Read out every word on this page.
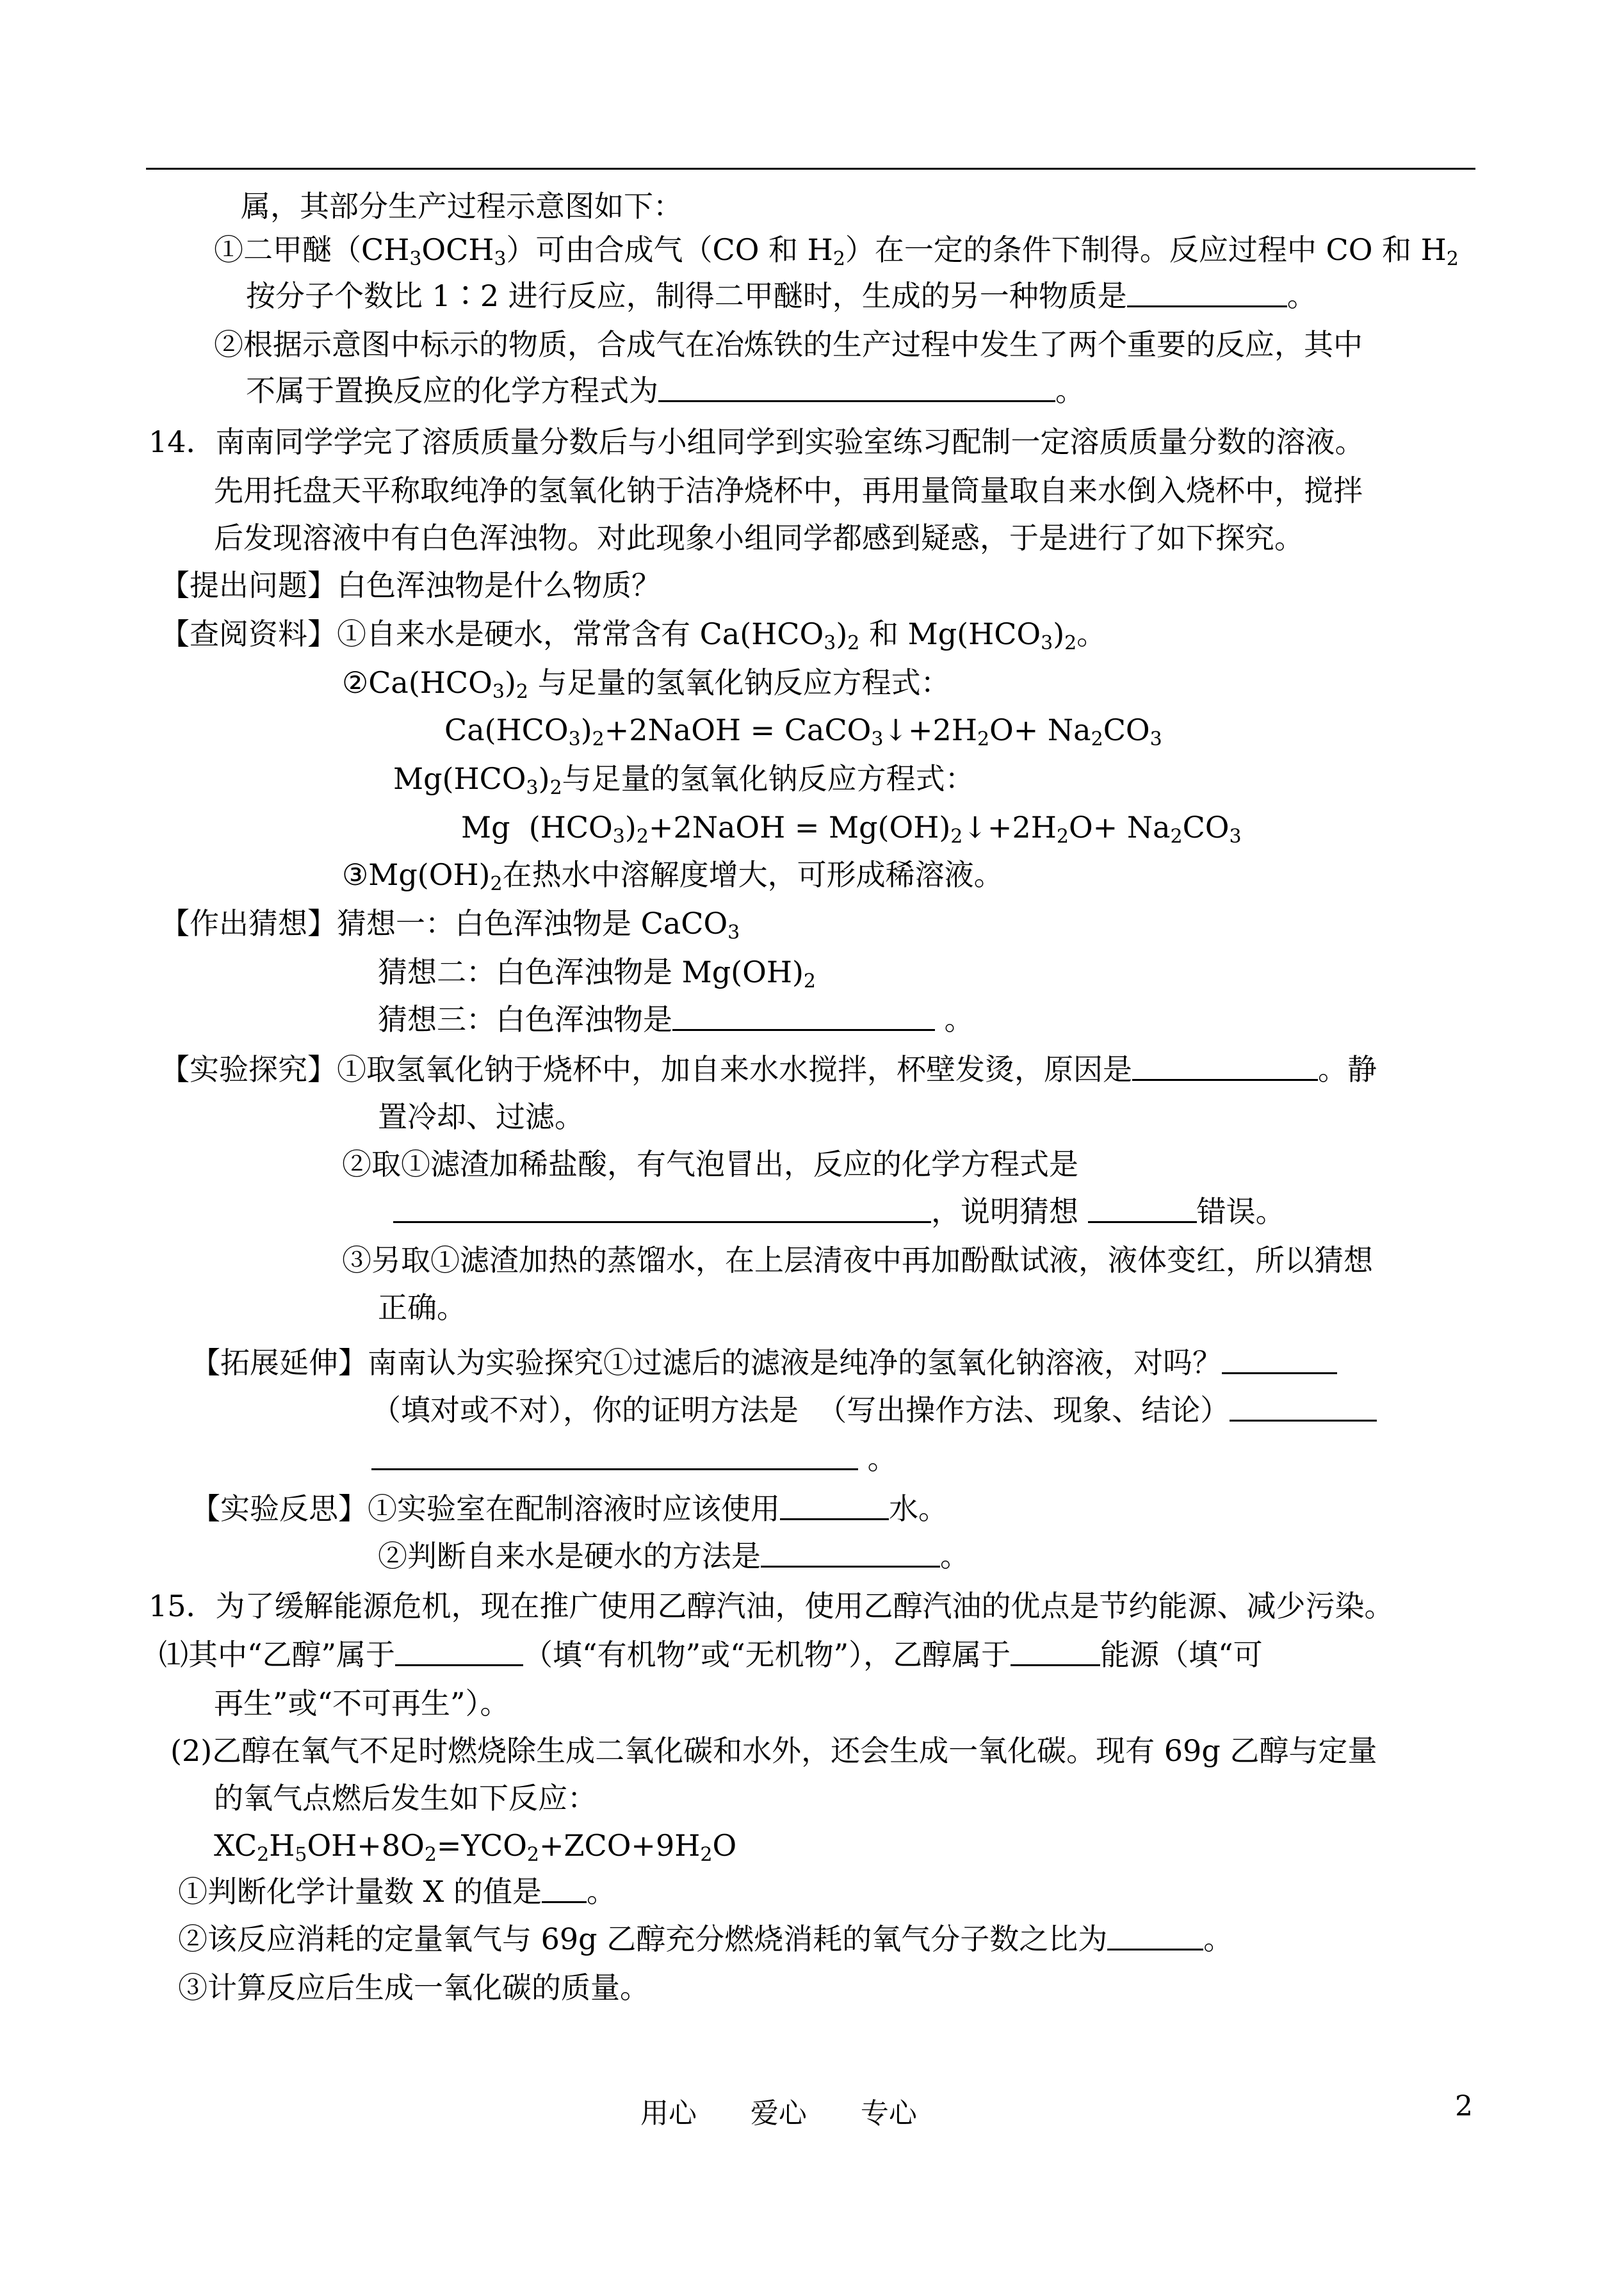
属，其部分生产过程示意图如下：
①二甲醚$(CH_3OCH_3)$可由合成气（CO 和 $H_2$）在一定的条件下制得。反应过程中 CO 和 $H_2$
按分子个数比 1∶2 进行反应，制得二甲醚时，生成的另一种物质是	。
②根据示意图中标示的物质，合成气在冶炼铁的生产过程中发生了两个重要的反应，其中
不属于置换反应的化学方程式为	。
14．南南同学学完了溶质质量分数后与小组同学到实验室练习配制一定溶质质量分数的溶液。
先用托盘天平称取纯净的氢氧化钠于洁净烧杯中，再用量筒量取自来水倒入烧杯中，搅拌
后发现溶液中有白色浑浊物。对此现象小组同学都感到疑惑，于是进行了如下探究。
【提出问题】白色浑浊物是什么物质？
【查阅资料】①自来水是硬水，常常含有 $Ca(HCO_3)_2$ 和 $Mg(HCO_3)_2$。
$②Ca(HCO_3)_2$ 与足量的氢氧化钠反应方程式：
$Ca(HCO_3)_2+2NaOH$ = $CaCO_3↓+2H_2O+ Na_2CO_3$
$Mg(HCO_3)_2$与足量的氢氧化钠反应方程式：
Mg  $(HCO_3)_2+2NaOH$ = $Mg(OH)_2↓+2H_2O+ Na_2CO_3$
$③Mg(OH)_2$在热水中溶解度增大，可形成稀溶液。
【作出猜想】猜想一：白色浑浊物是 CaCO$_3$
猜想二：白色浑浊物是 $Mg(OH)_2$
猜想三：白色浑浊物是	。
【实验探究】①取氢氧化钠于烧杯中，加自来水水搅拌，杯壁发烫，原因是	。静
置冷却、过滤。
②取①滤渣加稀盐酸，有气泡冒出，反应的化学方程式是
，说明猜想	错误。
③另取①滤渣加热的蒸馏水，在上层清夜中再加酚酞试液，液体变红，所以猜想
正确。
【拓展延伸】南南认为实验探究①过滤后的滤液是纯净的氢氧化钠溶液，对吗？
（填对或不对），你的证明方法是  （写出操作方法、现象、结论）
。
【实验反思】①实验室在配制溶液时应该使用	水。
②判断自来水是硬水的方法是	。
15．为了缓解能源危机，现在推广使用乙醇汽油，使用乙醇汽油的优点是节约能源、减少污染。
⑴其中“乙醇”属于	（填“有机物”或“无机物”），乙醇属于	能源（填“可
再生”或“不可再生”）。
(2)乙醇在氧气不足时燃烧除生成二氧化碳和水外，还会生成一氧化碳。现有 69g 乙醇与定量
的氧气点燃后发生如下反应：
$XC_2H_5OH+8O_2=YCO_2+ZCO+9H_2O$
①判断化学计量数 X 的值是 。
②该反应消耗的定量氧气与 69g 乙醇充分燃烧消耗的氧气分子数之比为	。
③计算反应后生成一氧化碳的质量。
用心      爱心      专心	2
